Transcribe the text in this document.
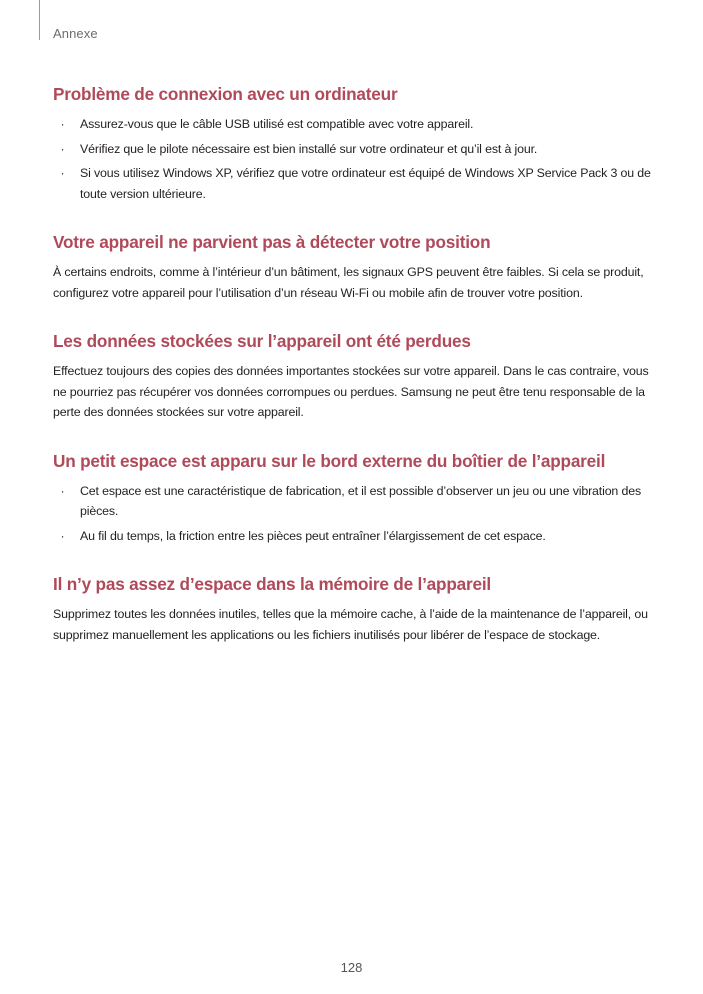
Annexe
Problème de connexion avec un ordinateur
· Assurez-vous que le câble USB utilisé est compatible avec votre appareil.
· Vérifiez que le pilote nécessaire est bien installé sur votre ordinateur et qu’il est à jour.
· Si vous utilisez Windows XP, vérifiez que votre ordinateur est équipé de Windows XP Service Pack 3 ou de toute version ultérieure.
Votre appareil ne parvient pas à détecter votre position

À certains endroits, comme à l’intérieur d’un bâtiment, les signaux GPS peuvent être faibles. Si cela se produit, configurez votre appareil pour l’utilisation d’un réseau Wi-Fi ou mobile afin de trouver votre position.

Les données stockées sur l’appareil ont été perdues

Effectuez toujours des copies des données importantes stockées sur votre appareil. Dans le cas contraire, vous ne pourriez pas récupérer vos données corrompues ou perdues. Samsung ne peut être tenu responsable de la perte des données stockées sur votre appareil.

Un petit espace est apparu sur le bord externe du boîtier de l’appareil
· Cet espace est une caractéristique de fabrication, et il est possible d’observer un jeu ou une vibration des pièces.
· Au fil du temps, la friction entre les pièces peut entraîner l’élargissement de cet espace.
Il n’y pas assez d’espace dans la mémoire de l’appareil

Supprimez toutes les données inutiles, telles que la mémoire cache, à l’aide de la maintenance de l’appareil, ou supprimez manuellement les applications ou les fichiers inutilisés pour libérer de l’espace de stockage.

128
